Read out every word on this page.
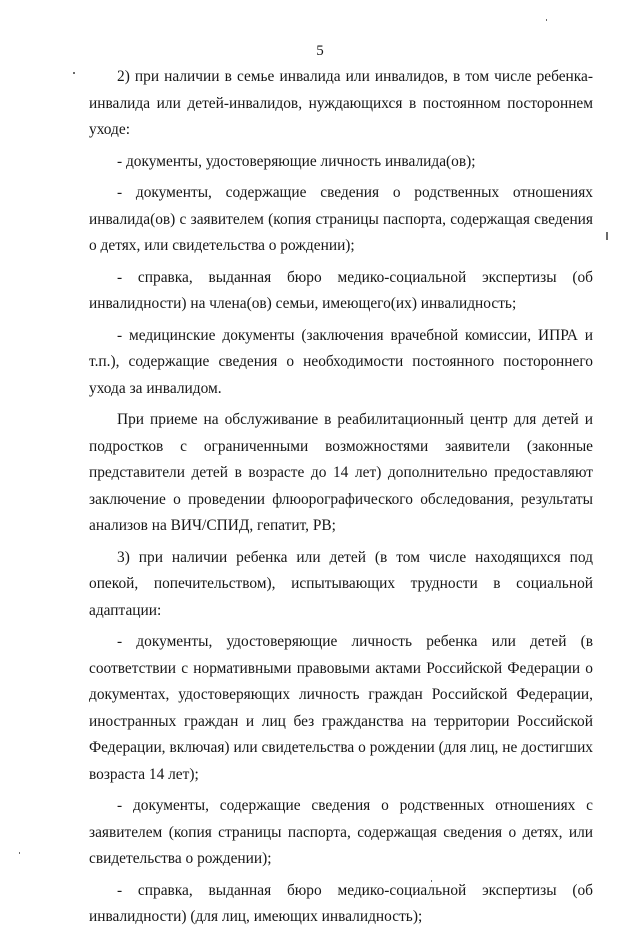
5

2) при наличии в семье инвалида или инвалидов, в том числе ребенка-инвалида или детей-инвалидов, нуждающихся в постоянном постороннем уходе:

- документы, удостоверяющие личность инвалида(ов);

- документы, содержащие сведения о родственных отношениях инвалида(ов) с заявителем (копия страницы паспорта, содержащая сведения о детях, или свидетельства о рождении);

- справка, выданная бюро медико-социальной экспертизы (об инвалидности) на члена(ов) семьи, имеющего(их) инвалидность;

- медицинские документы (заключения врачебной комиссии, ИПРА и т.п.), содержащие сведения о необходимости постоянного постороннего ухода за инвалидом.

При приеме на обслуживание в реабилитационный центр для детей и подростков с ограниченными возможностями заявители (законные представители детей в возрасте до 14 лет) дополнительно предоставляют заключение о проведении флюорографического обследования, результаты анализов на ВИЧ/СПИД, гепатит, РВ;

3) при наличии ребенка или детей (в том числе находящихся под опекой, попечительством), испытывающих трудности в социальной адаптации:

- документы, удостоверяющие личность ребенка или детей (в соответствии с нормативными правовыми актами Российской Федерации о документах, удостоверяющих личность граждан Российской Федерации, иностранных граждан и лиц без гражданства на территории Российской Федерации, включая) или свидетельства о рождении (для лиц, не достигших возраста 14 лет);

- документы, содержащие сведения о родственных отношениях с заявителем (копия страницы паспорта, содержащая сведения о детях, или свидетельства о рождении);

- справка, выданная бюро медико-социальной экспертизы (об инвалидности) (для лиц, имеющих инвалидность);
